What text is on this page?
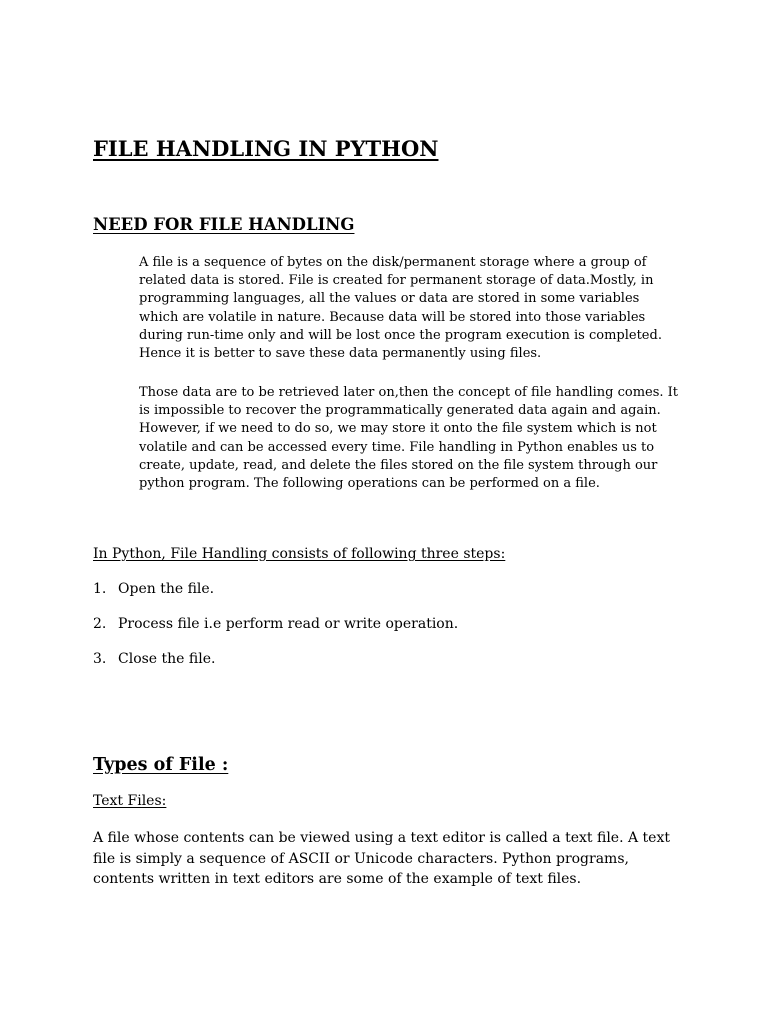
FILE HANDLING IN PYTHON
NEED FOR FILE HANDLING

A file is a sequence of bytes on the disk/permanent storage where a group of related data is stored. File is created for permanent storage of data.Mostly, in programming languages, all the values or data are stored in some variables which are volatile in nature. Because data will be stored into those variables during run-time only and will be lost once the program execution is completed. Hence it is better to save these data permanently using files.

Those data are to be retrieved later on,then the concept of file handling comes. It is impossible to recover the programmatically generated data again and again. However, if we need to do so, we may store it onto the file system which is not volatile and can be accessed every time. File handling in Python enables us to create, update, read, and delete the files stored on the file system through our python program. The following operations can be performed on a file.

In Python, File Handling consists of following three steps:

1. Open the file.
2. Process file i.e perform read or write operation.
3. Close the file.
Types of File :

Text Files:

A file whose contents can be viewed using a text editor is called a text file. A text file is simply a sequence of ASCII or Unicode characters. Python programs, contents written in text editors are some of the example of text files.
